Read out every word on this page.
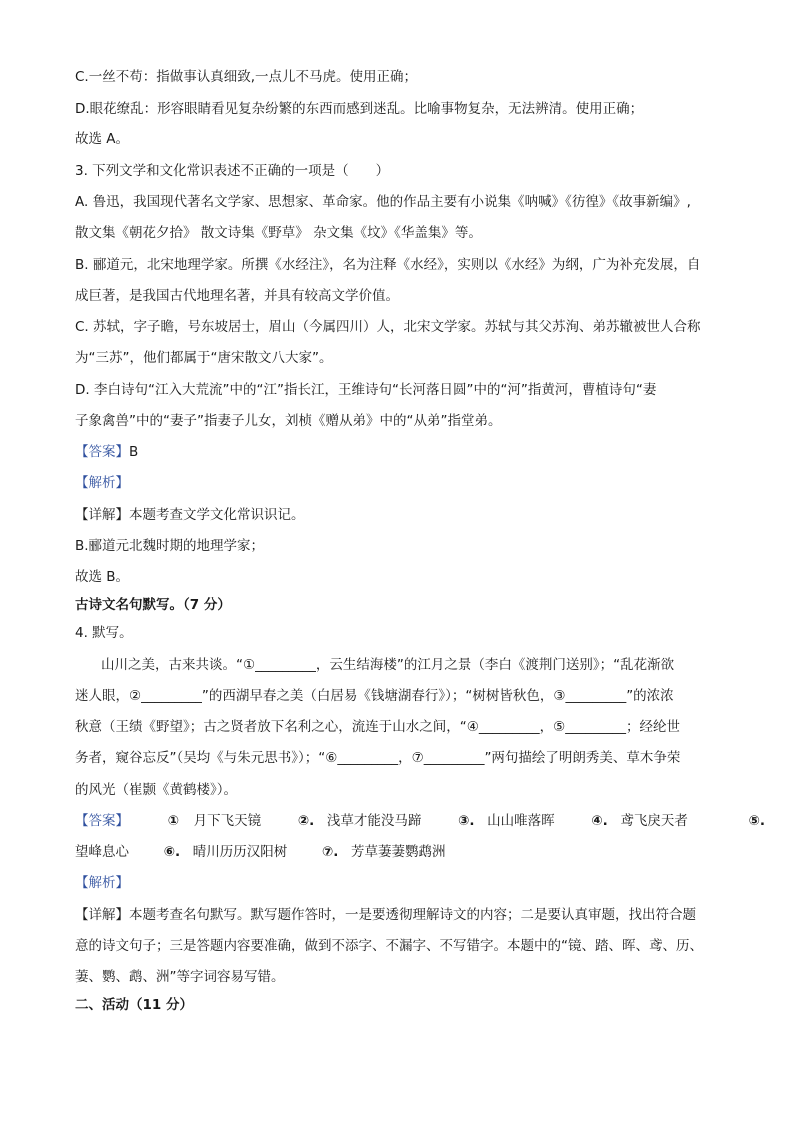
C.一丝不苟：指做事认真细致,一点儿不马虎。使用正确；
D.眼花缭乱：形容眼睛看见复杂纷繁的东西而感到迷乱。比喻事物复杂，无法辨清。使用正确；
故选 A。
3. 下列文学和文化常识表述不正确的一项是（　　）
A. 鲁迅，我国现代著名文学家、思想家、革命家。他的作品主要有小说集《呐喊》《彷徨》《故事新编》,
散文集《朝花夕拾》 散文诗集《野草》 杂文集《坟》《华盖集》等。
B. 郦道元，北宋地理学家。所撰《水经注》，名为注释《水经》，实则以《水经》为纲，广为补充发展，自
成巨著，是我国古代地理名著，并具有较高文学价值。
C. 苏轼，字子瞻，号东坡居士，眉山（今属四川）人，北宋文学家。苏轼与其父苏洵、弟苏辙被世人合称
为“三苏”，他们都属于“唐宋散文八大家”。
D. 李白诗句“江入大荒流”中的“江”指长江，王维诗句“长河落日圆”中的“河”指黄河，曹植诗句“妻
子象禽兽”中的“妻子”指妻子儿女，刘桢《赠从弟》中的“从弟”指堂弟。
【答案】B
【解析】
【详解】本题考查文学文化常识识记。
B.郦道元北魏时期的地理学家；
故选 B。
古诗文名句默写。（7 分）
4. 默写。
山川之美，古来共谈。“①_________，云生结海楼”的江月之景（李白《渡荆门送别》；“乱花渐欲
迷人眼，②_________”的西湖早春之美（白居易《钱塘湖春行》）；“树树皆秋色，③_________”的浓浓
秋意（王绩《野望》；古之贤者放下名利之心，流连于山水之间，“④_________，⑤_________；经纶世
务者，窥谷忘反”（吴均《与朱元思书》）；“⑥_________，⑦_________”两句描绘了明朗秀美、草木争荣
的风光（崔颢《黄鹤楼》）。
【答案】	① 月下飞天镜	②. 浅草才能没马蹄	③. 山山唯落晖	④. 鸢飞戾天者	⑤.
望峰息心	⑥. 晴川历历汉阳树	⑦. 芳草萋萋鹦鹉洲
【解析】
【详解】本题考查名句默写。默写题作答时，一是要透彻理解诗文的内容；二是要认真审题，找出符合题
意的诗文句子；三是答题内容要准确，做到不添字、不漏字、不写错字。本题中的“镜、踏、晖、鸢、历、
萋、鹦、鹉、洲”等字词容易写错。
二、活动（11 分）
